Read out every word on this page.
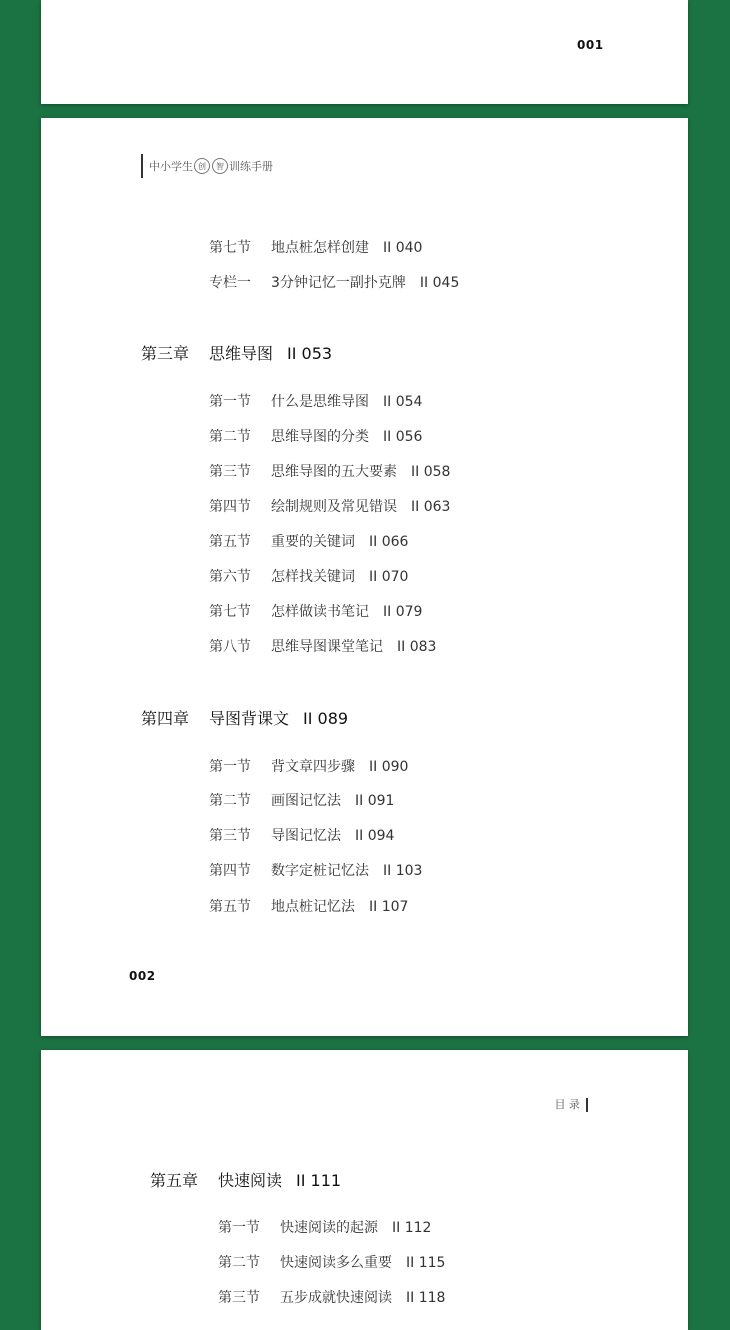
001
中小学生 创	智 训练手册
第七节 地点桩怎样创建 II 040
专栏一 3分钟记忆一副扑克牌 II 045
第三章 思维导图 II 053
第一节 什么是思维导图 II 054
第二节 思维导图的分类 II 056
第三节 思维导图的五大要素 II 058
第四节 绘制规则及常见错误 II 063
第五节 重要的关键词 II 066
第六节 怎样找关键词 II 070
第七节 怎样做读书笔记 II 079
第八节 思维导图课堂笔记 II 083
第四章 导图背课文 II 089
第一节 背文章四步骤 II 090
第二节 画图记忆法 II 091
第三节 导图记忆法 II 094
第四节 数字定桩记忆法 II 103
第五节 地点桩记忆法 II 107
002
目 录
第五章 快速阅读 II 111
第一节 快速阅读的起源 II 112
第二节 快速阅读多么重要 II 115
第三节 五步成就快速阅读 II 118
